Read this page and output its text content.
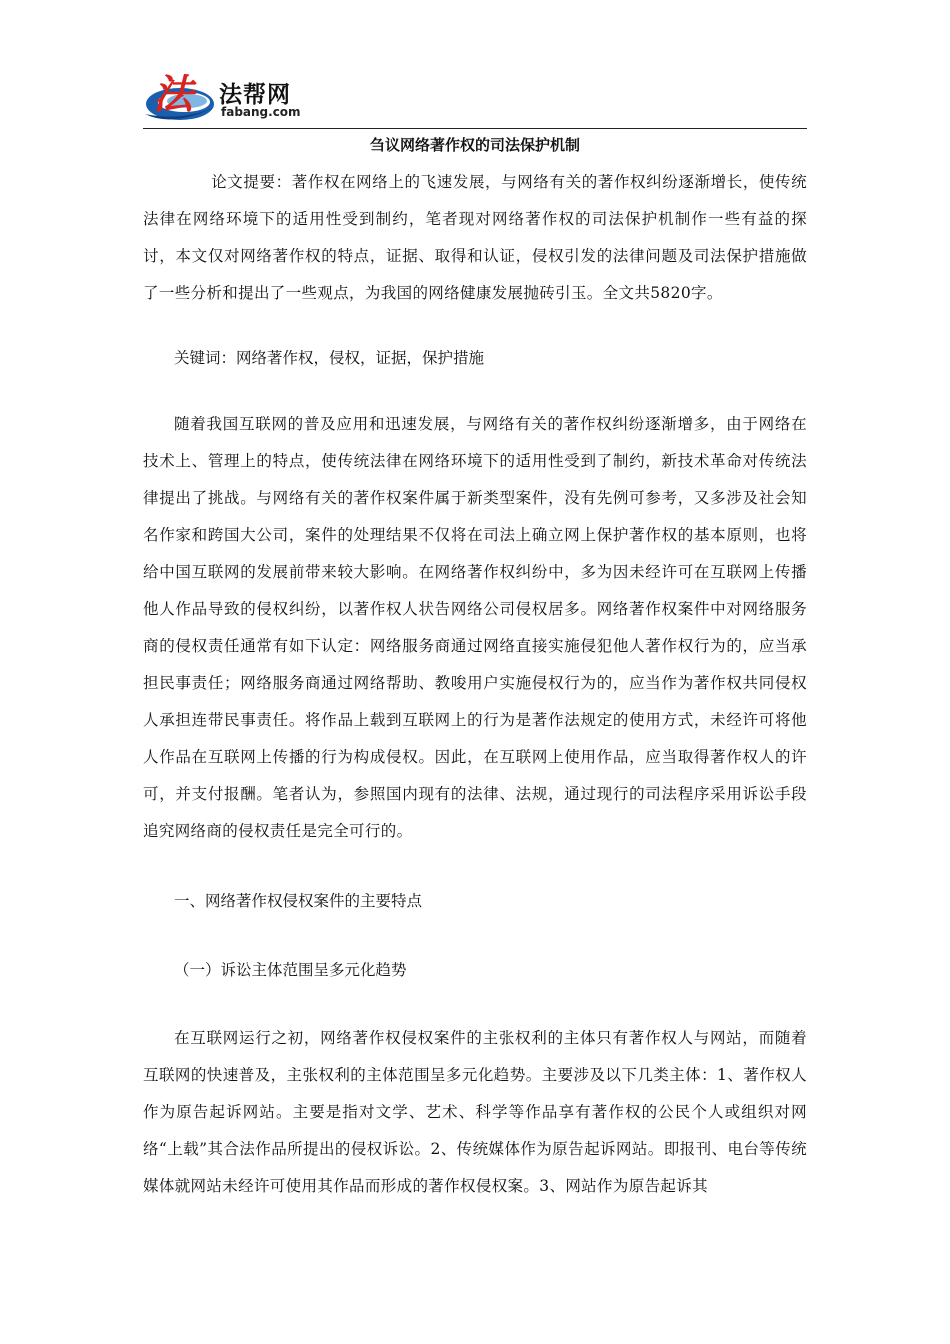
法 法帮网
fabang.com
刍议网络著作权的司法保护机制

论文提要：著作权在网络上的飞速发展，与网络有关的著作权纠纷逐渐增长，使传统法律在网络环境下的适用性受到制约，笔者现对网络著作权的司法保护机制作一些有益的探讨，本文仅对网络著作权的特点，证据、取得和认证，侵权引发的法律问题及司法保护措施做了一些分析和提出了一些观点，为我国的网络健康发展抛砖引玉。全文共5820字。

关键词：网络著作权，侵权，证据，保护措施

随着我国互联网的普及应用和迅速发展，与网络有关的著作权纠纷逐渐增多，由于网络在技术上、管理上的特点，使传统法律在网络环境下的适用性受到了制约，新技术革命对传统法律提出了挑战。与网络有关的著作权案件属于新类型案件，没有先例可参考，又多涉及社会知名作家和跨国大公司，案件的处理结果不仅将在司法上确立网上保护著作权的基本原则，也将给中国互联网的发展前带来较大影响。在网络著作权纠纷中，多为因未经许可在互联网上传播他人作品导致的侵权纠纷，以著作权人状告网络公司侵权居多。网络著作权案件中对网络服务商的侵权责任通常有如下认定：网络服务商通过网络直接实施侵犯他人著作权行为的，应当承担民事责任；网络服务商通过网络帮助、教唆用户实施侵权行为的，应当作为著作权共同侵权人承担连带民事责任。将作品上载到互联网上的行为是著作法规定的使用方式，未经许可将他人作品在互联网上传播的行为构成侵权。因此，在互联网上使用作品，应当取得著作权人的许可，并支付报酬。笔者认为，参照国内现有的法律、法规，通过现行的司法程序采用诉讼手段追究网络商的侵权责任是完全可行的。

一、网络著作权侵权案件的主要特点

（一）诉讼主体范围呈多元化趋势

在互联网运行之初，网络著作权侵权案件的主张权利的主体只有著作权人与网站，而随着互联网的快速普及，主张权利的主体范围呈多元化趋势。主要涉及以下几类主体：1、著作权人作为原告起诉网站。主要是指对文学、艺术、科学等作品享有著作权的公民个人或组织对网络“上载”其合法作品所提出的侵权诉讼。2、传统媒体作为原告起诉网站。即报刊、电台等传统媒体就网站未经许可使用其作品而形成的著作权侵权案。3、网站作为原告起诉其
